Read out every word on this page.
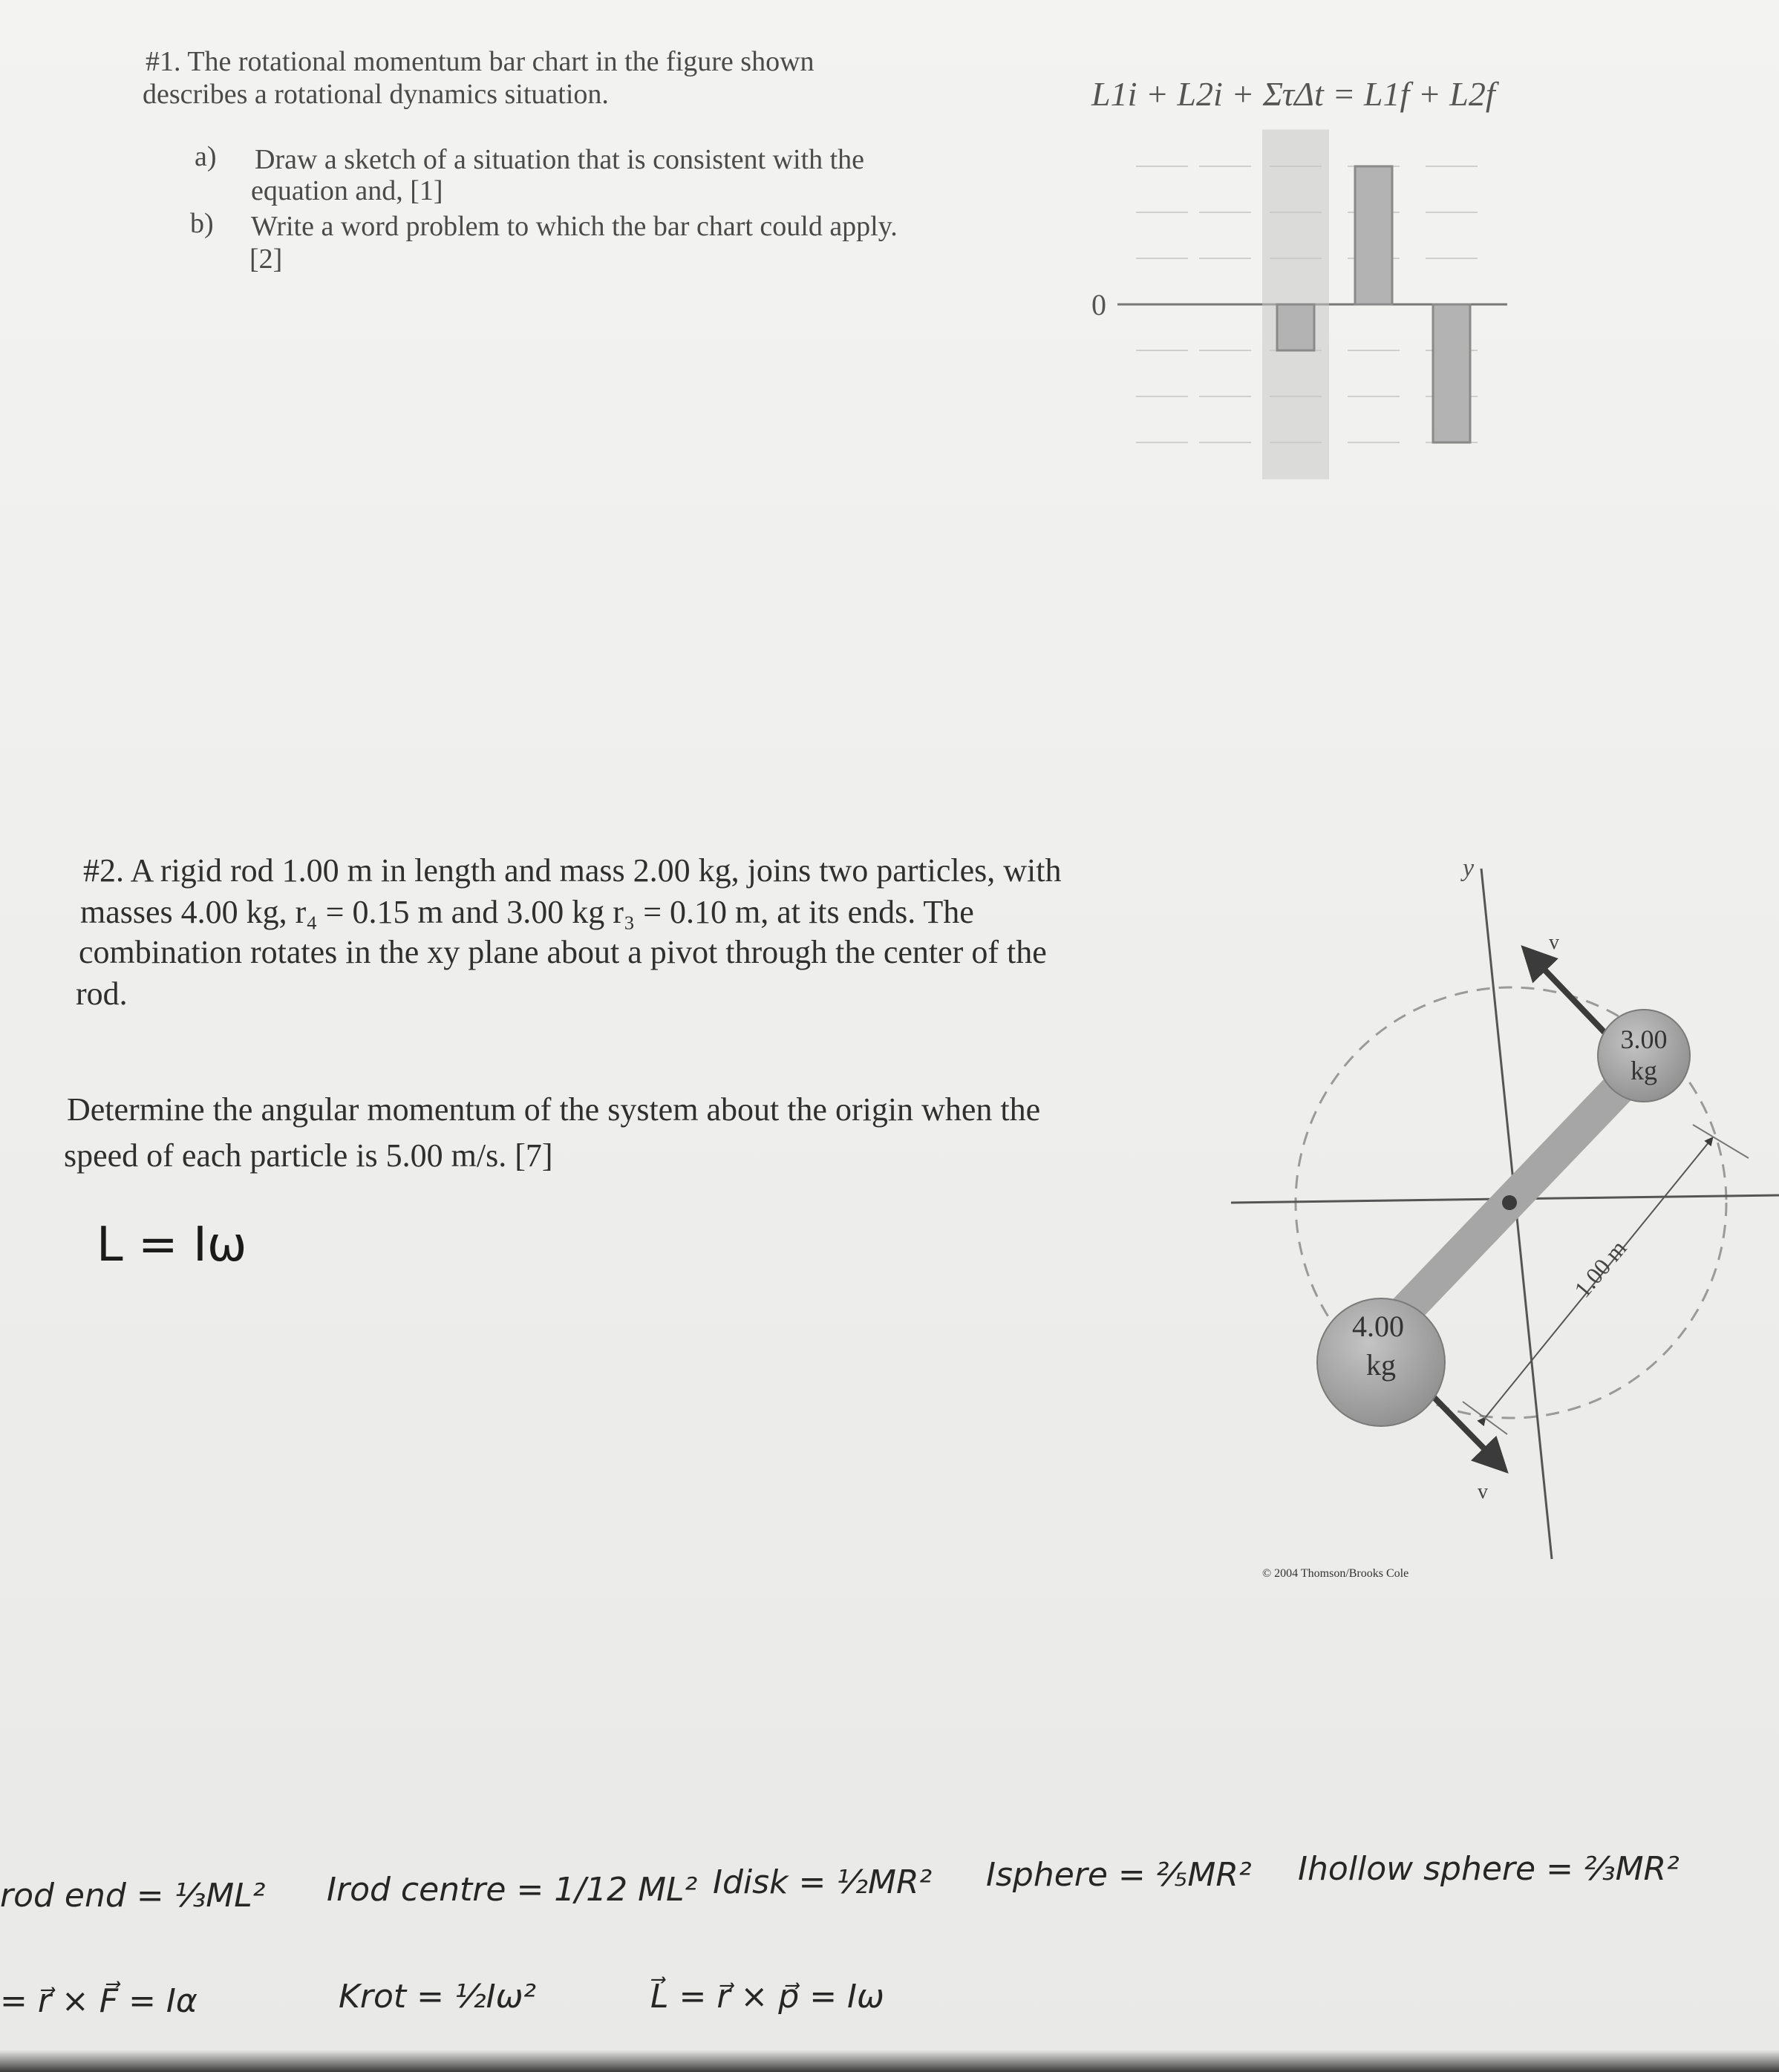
#1. The rotational momentum bar chart in the figure shown
describes a rotational dynamics situation.
a) Draw a sketch of a situation that is consistent with the
equation and, [1]
b) Write a word problem to which the bar chart could apply.
[2]
L1i + L2i + ΣτΔt = L1f + L2f
0
#2. A rigid rod 1.00 m in length and mass 2.00 kg, joins two particles, with
masses 4.00 kg, r₄ = 0.15 m and 3.00 kg r₃ = 0.10 m, at its ends. The
combination rotates in the xy plane about a pivot through the center of the
rod.
Determine the angular momentum of the system about the origin when the
speed of each particle is 5.00 m/s. [7]
L = Iω
y
v
v
3.00
kg
4.00
kg
1.00 m
© 2004 Thomson/Brooks Cole
rod end = ⅓ML² Irod centre = 1/12 ML² Idisk = ½MR² Isphere = ⅖MR² Ihollow sphere = ⅔MR²
= r⃗ × F⃗ = Iα	Krot = ½Iω²	L⃗ = r⃗ × p⃗ = Iω
